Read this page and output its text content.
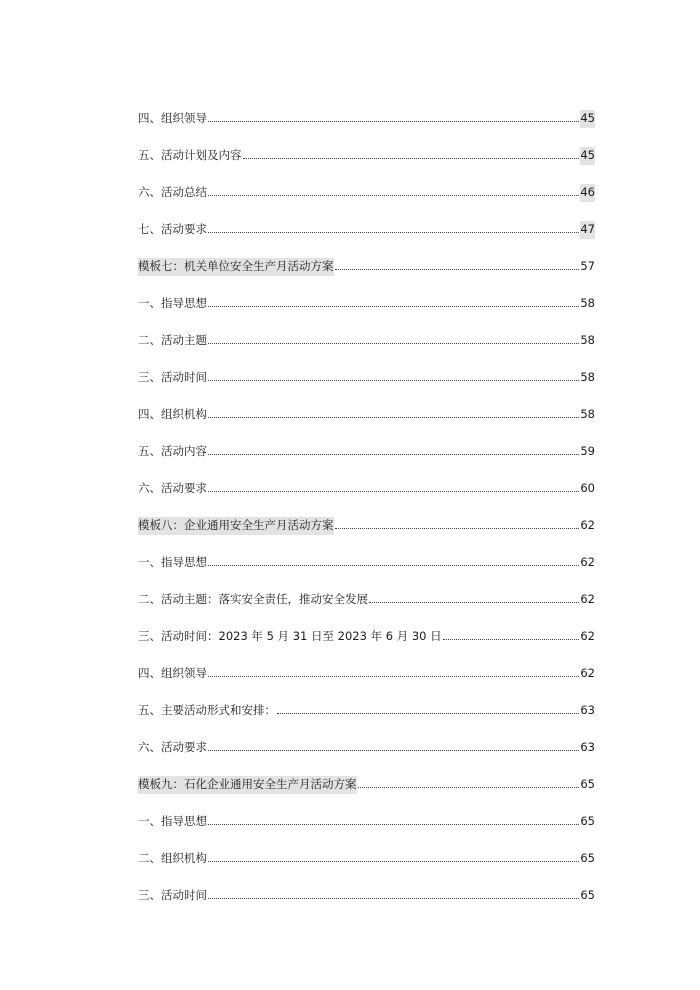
四、组织领导	45
五、活动计划及内容	45
六、活动总结	46
七、活动要求	47
模板七：机关单位安全生产月活动方案	57
一、指导思想	58
二、活动主题	58
三、活动时间	58
四、组织机构	58
五、活动内容	59
六、活动要求	60
模板八：企业通用安全生产月活动方案	62
一、指导思想	62
二、活动主题：落实安全责任，推动安全发展	62
三、活动时间：2023 年 5 月 31 日至 2023 年 6 月 30 日	62
四、组织领导	62
五、主要活动形式和安排：	63
六、活动要求	63
模板九：石化企业通用安全生产月活动方案	65
一、指导思想	65
二、组织机构	65
三、活动时间	65
